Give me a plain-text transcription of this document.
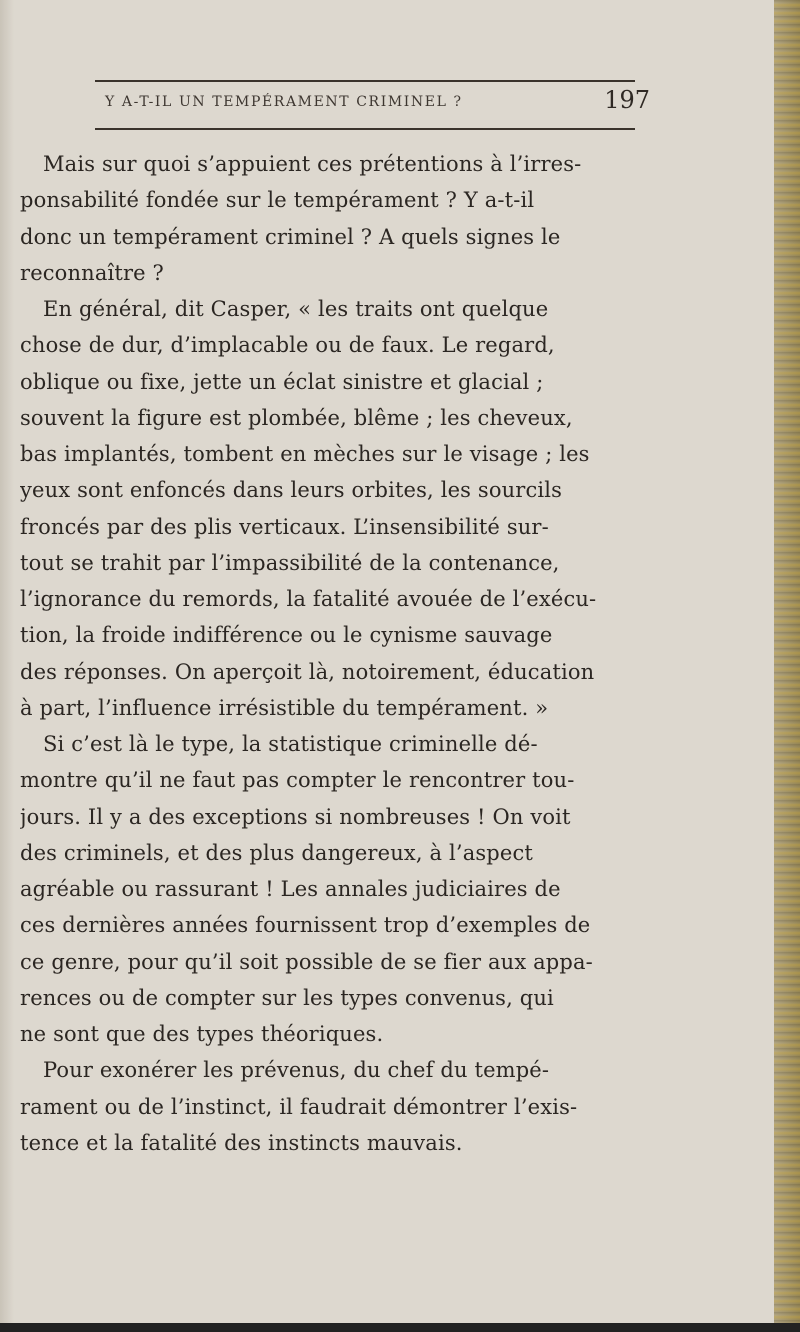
Y A-T-IL UN TEMPÉRAMENT CRIMINEL ?	197
Mais sur quoi s’appuient ces prétentions à l’irres-
ponsabilité fondée sur le tempérament ? Y a-t-il
donc un tempérament criminel ? A quels signes le
reconnaître ?
En général, dit Casper, « les traits ont quelque
chose de dur, d’implacable ou de faux. Le regard,
oblique ou fixe, jette un éclat sinistre et glacial ;
souvent la figure est plombée, blême ; les cheveux,
bas implantés, tombent en mèches sur le visage ; les
yeux sont enfoncés dans leurs orbites, les sourcils
froncés par des plis verticaux. L’insensibilité sur-
tout se trahit par l’impassibilité de la contenance,
l’ignorance du remords, la fatalité avouée de l’exécu-
tion, la froide indifférence ou le cynisme sauvage
des réponses. On aperçoit là, notoirement, éducation
à part, l’influence irrésistible du tempérament. »
Si c’est là le type, la statistique criminelle dé-
montre qu’il ne faut pas compter le rencontrer tou-
jours. Il y a des exceptions si nombreuses ! On voit
des criminels, et des plus dangereux, à l’aspect
agréable ou rassurant ! Les annales judiciaires de
ces dernières années fournissent trop d’exemples de
ce genre, pour qu’il soit possible de se fier aux appa-
rences ou de compter sur les types convenus, qui
ne sont que des types théoriques.
Pour exonérer les prévenus, du chef du tempé-
rament ou de l’instinct, il faudrait démontrer l’exis-
tence et la fatalité des instincts mauvais.
